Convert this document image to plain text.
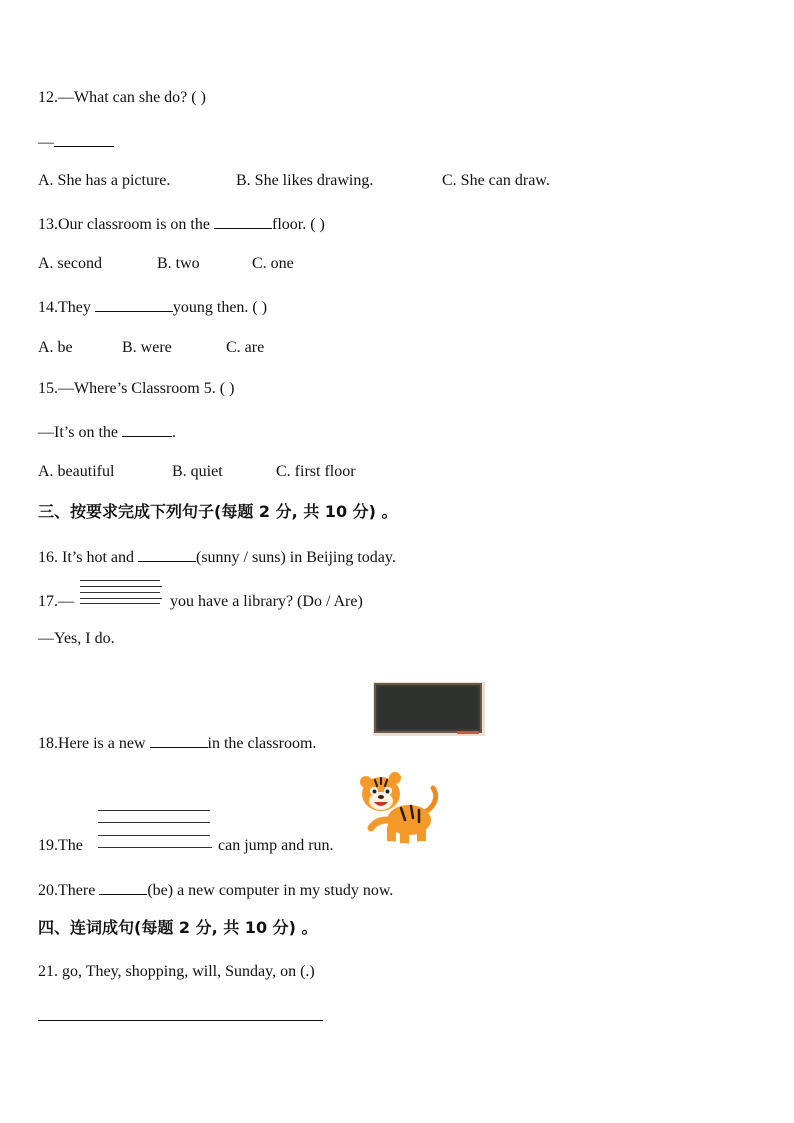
12.—What can she do? ( )
—
A. She has a picture.	B. She likes drawing.	C. She can draw.
13.Our classroom is on the	floor. ( )
A. second	B. two	C. one
14.They	young then. ( )
A. be	B. were	C. are
15.—Where’s Classroom 5. ( )
—It’s on the	.
A. beautiful	B. quiet	C. first floor
三、按要求完成下列句子(每题 2 分, 共 10 分) 。
16. It’s hot and	(sunny / suns) in Beijing today.
17.—	you have a library? (Do / Are)
—Yes, I do.
18.Here is a new	in the classroom.
19.The	can jump and run.
20.There	(be) a new computer in my study now.
四、连词成句(每题 2 分, 共 10 分) 。
21. go, They, shopping, will, Sunday, on (.)
